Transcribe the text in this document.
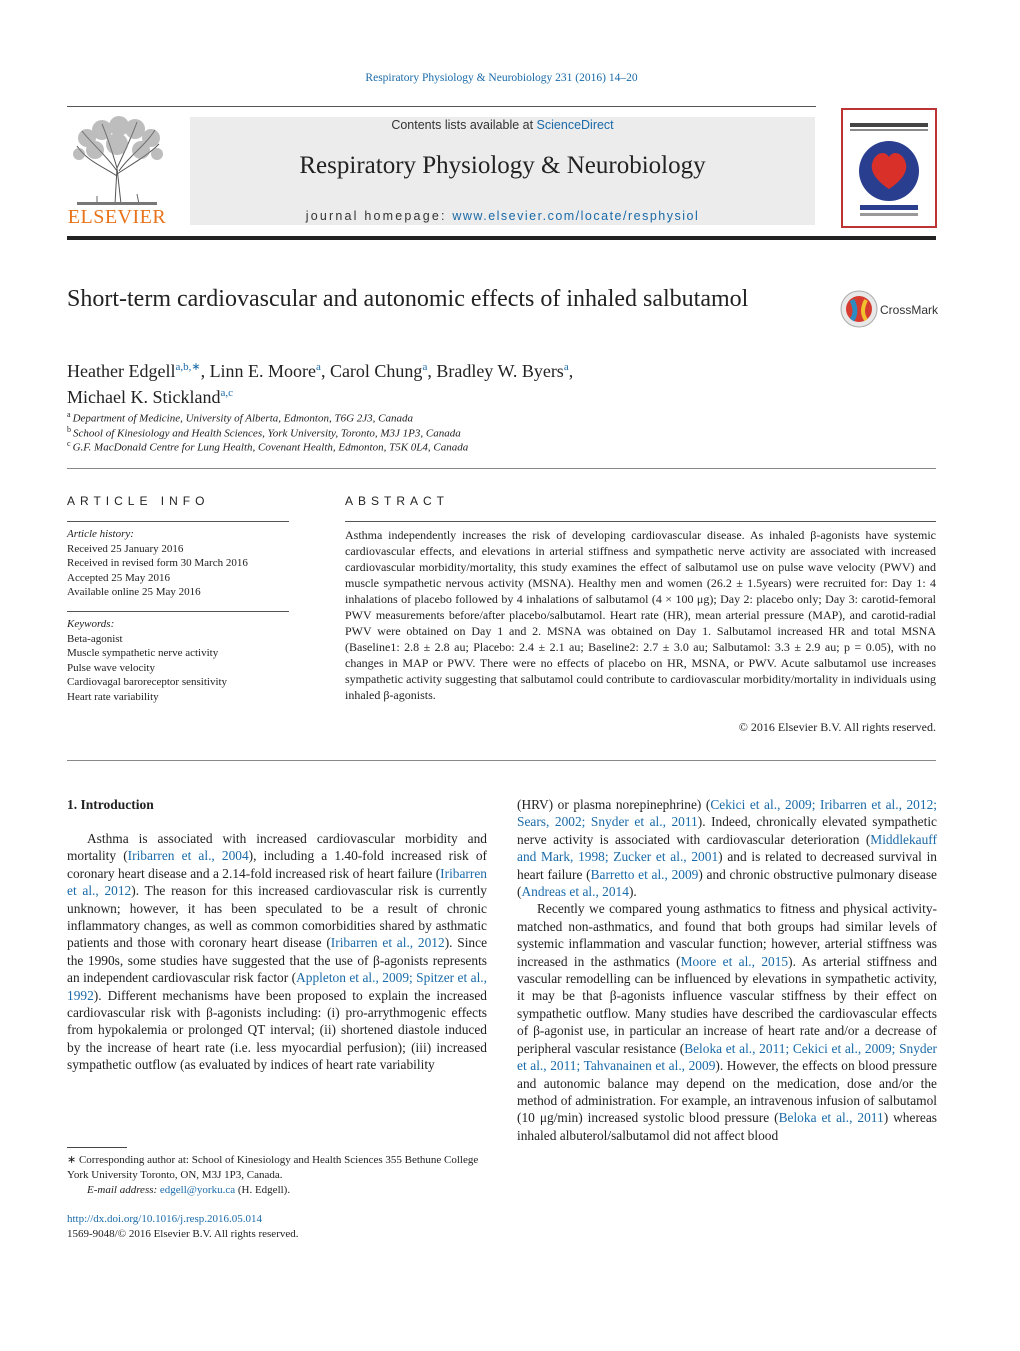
Respiratory Physiology & Neurobiology 231 (2016) 14–20
ELSEVIER
Contents lists available at ScienceDirect
Respiratory Physiology & Neurobiology
journal homepage: www.elsevier.com/locate/resphysiol
Short-term cardiovascular and autonomic effects of inhaled salbutamol	CrossMark
Heather Edgell$^{a,b,∗}$, Linn E. Moore$^a$, Carol Chung$^a$, Bradley W. Byers$^a$,
Michael K. Stickland$^{a,c}$
$^a$ Department of Medicine, University of Alberta, Edmonton, T6G 2J3, Canada
$^b$ School of Kinesiology and Health Sciences, York University, Toronto, M3J 1P3, Canada
$^c$ G.F. MacDonald Centre for Lung Health, Covenant Health, Edmonton, T5K 0L4, Canada
ARTICLE INFO
Article history:
Received 25 January 2016
Received in revised form 30 March 2016
Accepted 25 May 2016
Available online 25 May 2016
Keywords:
Beta-agonist
Muscle sympathetic nerve activity
Pulse wave velocity
Cardiovagal baroreceptor sensitivity
Heart rate variability
ABSTRACT
Asthma independently increases the risk of developing cardiovascular disease. As inhaled β-agonists have systemic cardiovascular effects, and elevations in arterial stiffness and sympathetic nerve activity are associated with increased cardiovascular morbidity/mortality, this study examines the effect of salbutamol use on pulse wave velocity (PWV) and muscle sympathetic nervous activity (MSNA). Healthy men and women (26.2 ± 1.5years) were recruited for: Day 1: 4 inhalations of placebo followed by 4 inhalations of salbutamol (4 × 100 μg); Day 2: placebo only; Day 3: carotid-femoral PWV measurements before/after placebo/salbutamol. Heart rate (HR), mean arterial pressure (MAP), and carotid-radial PWV were obtained on Day 1 and 2. MSNA was obtained on Day 1. Salbutamol increased HR and total MSNA (Baseline1: 2.8 ± 2.8 au; Placebo: 2.4 ± 2.1 au; Baseline2: 2.7 ± 3.0 au; Salbutamol: 3.3 ± 2.9 au; p = 0.05), with no changes in MAP or PWV. There were no effects of placebo on HR, MSNA, or PWV. Acute salbutamol use increases sympathetic activity suggesting that salbutamol could contribute to cardiovascular morbidity/mortality in individuals using inhaled β-agonists.
© 2016 Elsevier B.V. All rights reserved.
1. Introduction

Asthma is associated with increased cardiovascular morbidity and mortality (Iribarren et al., 2004), including a 1.40-fold increased risk of coronary heart disease and a 2.14-fold increased risk of heart failure (Iribarren et al., 2012). The reason for this increased cardiovascular risk is currently unknown; however, it has been speculated to be a result of chronic inflammatory changes, as well as common comorbidities shared by asthmatic patients and those with coronary heart disease (Iribarren et al., 2012). Since the 1990s, some studies have suggested that the use of β-agonists represents an independent cardiovascular risk factor (Appleton et al., 2009; Spitzer et al., 1992). Different mechanisms have been proposed to explain the increased cardiovascular risk with β-agonists including: (i) pro-arrythmogenic effects from hypokalemia or prolonged QT interval; (ii) shortened diastole induced by the increase of heart rate (i.e. less myocardial perfusion); (iii) increased sympathetic outflow (as evaluated by indices of heart rate variability

(HRV) or plasma norepinephrine) (Cekici et al., 2009; Iribarren et al., 2012; Sears, 2002; Snyder et al., 2011). Indeed, chronically elevated sympathetic nerve activity is associated with cardiovascular deterioration (Middlekauff and Mark, 1998; Zucker et al., 2001) and is related to decreased survival in heart failure (Barretto et al., 2009) and chronic obstructive pulmonary disease (Andreas et al., 2014).

Recently we compared young asthmatics to fitness and physical activity-matched non-asthmatics, and found that both groups had similar levels of systemic inflammation and vascular function; however, arterial stiffness was increased in the asthmatics (Moore et al., 2015). As arterial stiffness and vascular remodelling can be influenced by elevations in sympathetic activity, it may be that β-agonists influence vascular stiffness by their effect on sympathetic outflow. Many studies have described the cardiovascular effects of β-agonist use, in particular an increase of heart rate and/or a decrease of peripheral vascular resistance (Beloka et al., 2011; Cekici et al., 2009; Snyder et al., 2011; Tahvanainen et al., 2009). However, the effects on blood pressure and autonomic balance may depend on the medication, dose and/or the method of administration. For example, an intravenous infusion of salbutamol (10 μg/min) increased systolic blood pressure (Beloka et al., 2011) whereas inhaled albuterol/salbutamol did not affect blood

∗ Corresponding author at: School of Kinesiology and Health Sciences 355 Bethune College York University Toronto, ON, M3J 1P3, Canada.
E-mail address: edgell@yorku.ca (H. Edgell).
http://dx.doi.org/10.1016/j.resp.2016.05.014
1569-9048/© 2016 Elsevier B.V. All rights reserved.
